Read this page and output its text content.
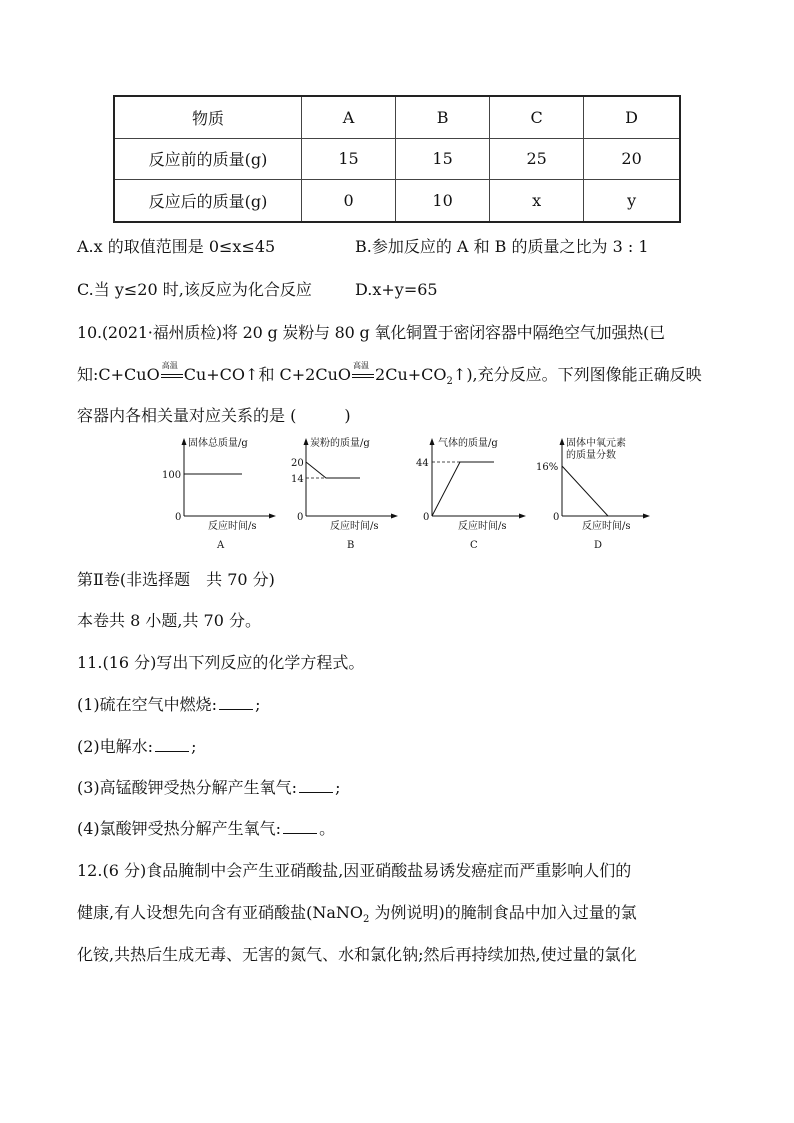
物质	A	B	C	D
反应前的质量(g)	15	15	25	20
反应后的质量(g)	0	10	x	y
A.x 的取值范围是 0≤x≤45	B.参加反应的 A 和 B 的质量之比为 3 : 1
C.当 y≤20 时,该反应为化合反应	D.x+y=65
10.(2021·福州质检)将 20 g 炭粉与 80 g 氧化铜置于密闭容器中隔绝空气加强热(已
知:C+CuO 高温 Cu+CO↑和 C+2CuO 高温 $2Cu+CO_2↑$),充分反应。下列图像能正确反映
容器内各相关量对应关系的是 (　　　)
固体总质量/g
100
0
反应时间/s
A
炭粉的质量/g
20
14
0
反应时间/s
B
气体的质量/g
44
0
反应时间/s
C
固体中氧元素
的质量分数
16%
0
反应时间/s
D
第Ⅱ卷(非选择题　共 70 分)
本卷共 8 小题,共 70 分。
11.(16 分)写出下列反应的化学方程式。
(1)硫在空气中燃烧: ;
(2)电解水: ;
(3)高锰酸钾受热分解产生氧气: ;
(4)氯酸钾受热分解产生氧气: 。
12.(6 分)食品腌制中会产生亚硝酸盐,因亚硝酸盐易诱发癌症而严重影响人们的
健康,有人设想先向含有亚硝酸盐(NaNO$_2$ 为例说明)的腌制食品中加入过量的氯
化铵,共热后生成无毒、无害的氮气、水和氯化钠;然后再持续加热,使过量的氯化
